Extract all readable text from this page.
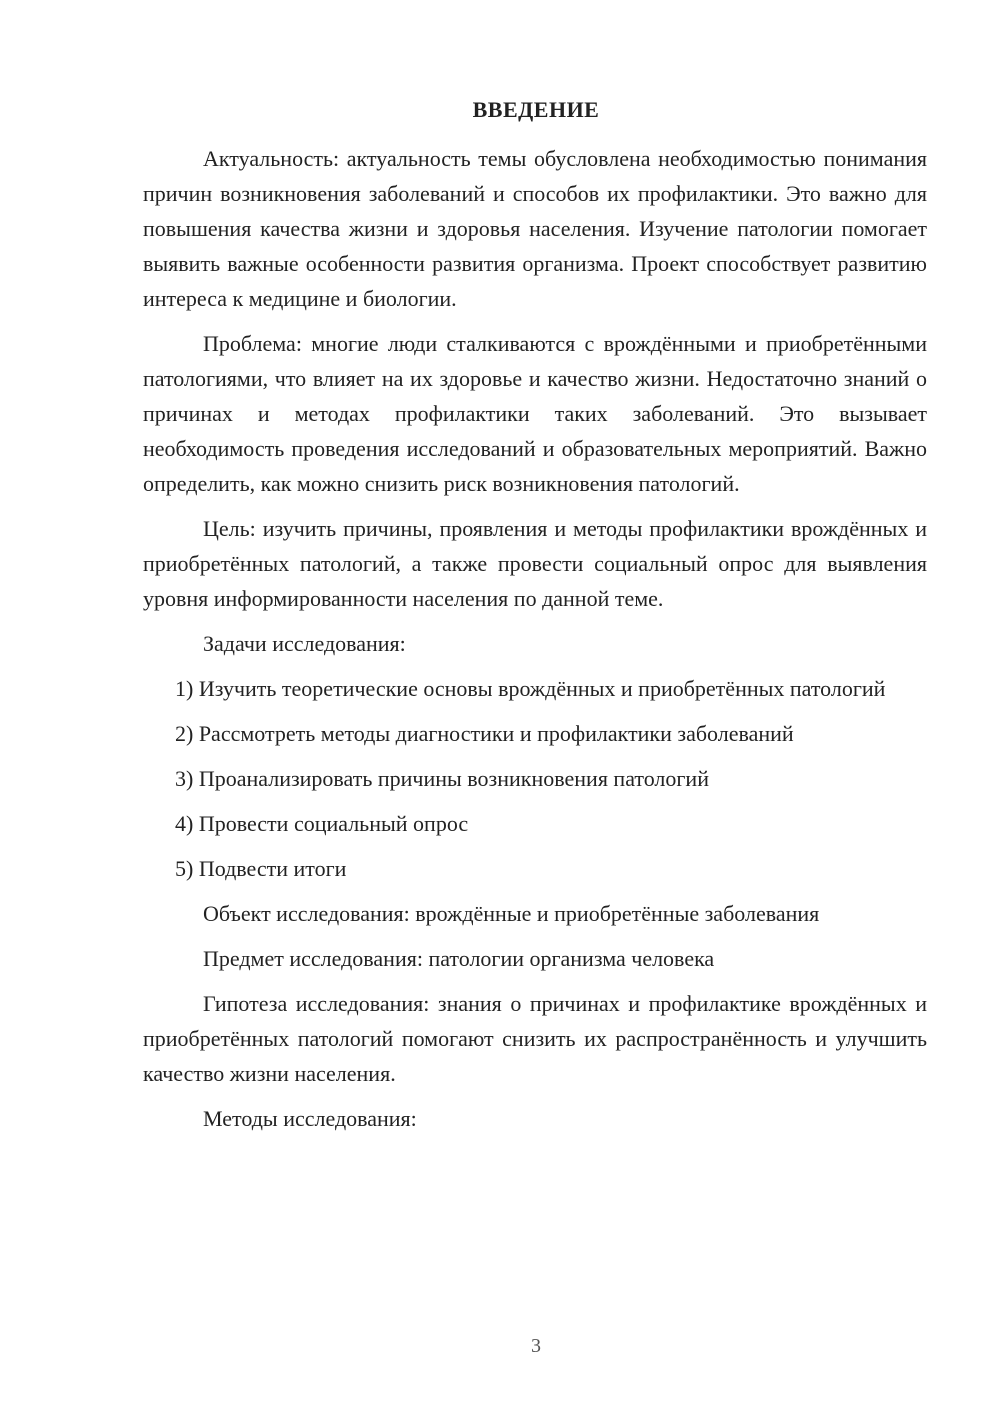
ВВЕДЕНИЕ

Актуальность: актуальность темы обусловлена необходимостью понимания причин возникновения заболеваний и способов их профилактики. Это важно для повышения качества жизни и здоровья населения. Изучение патологии помогает выявить важные особенности развития организма. Проект способствует развитию интереса к медицине и биологии.

Проблема: многие люди сталкиваются с врождёнными и приобретёнными патологиями, что влияет на их здоровье и качество жизни. Недостаточно знаний о причинах и методах профилактики таких заболеваний. Это вызывает необходимость проведения исследований и образовательных мероприятий. Важно определить, как можно снизить риск возникновения патологий.

Цель: изучить причины, проявления и методы профилактики врождённых и приобретённых патологий, а также провести социальный опрос для выявления уровня информированности населения по данной теме.

Задачи исследования:

1) Изучить теоретические основы врождённых и приобретённых патологий

2) Рассмотреть методы диагностики и профилактики заболеваний

3) Проанализировать причины возникновения патологий

4) Провести социальный опрос

5) Подвести итоги

Объект исследования: врождённые и приобретённые заболевания

Предмет исследования: патологии организма человека

Гипотеза исследования: знания о причинах и профилактике врождённых и приобретённых патологий помогают снизить их распространённость и улучшить качество жизни населения.

Методы исследования:

3
